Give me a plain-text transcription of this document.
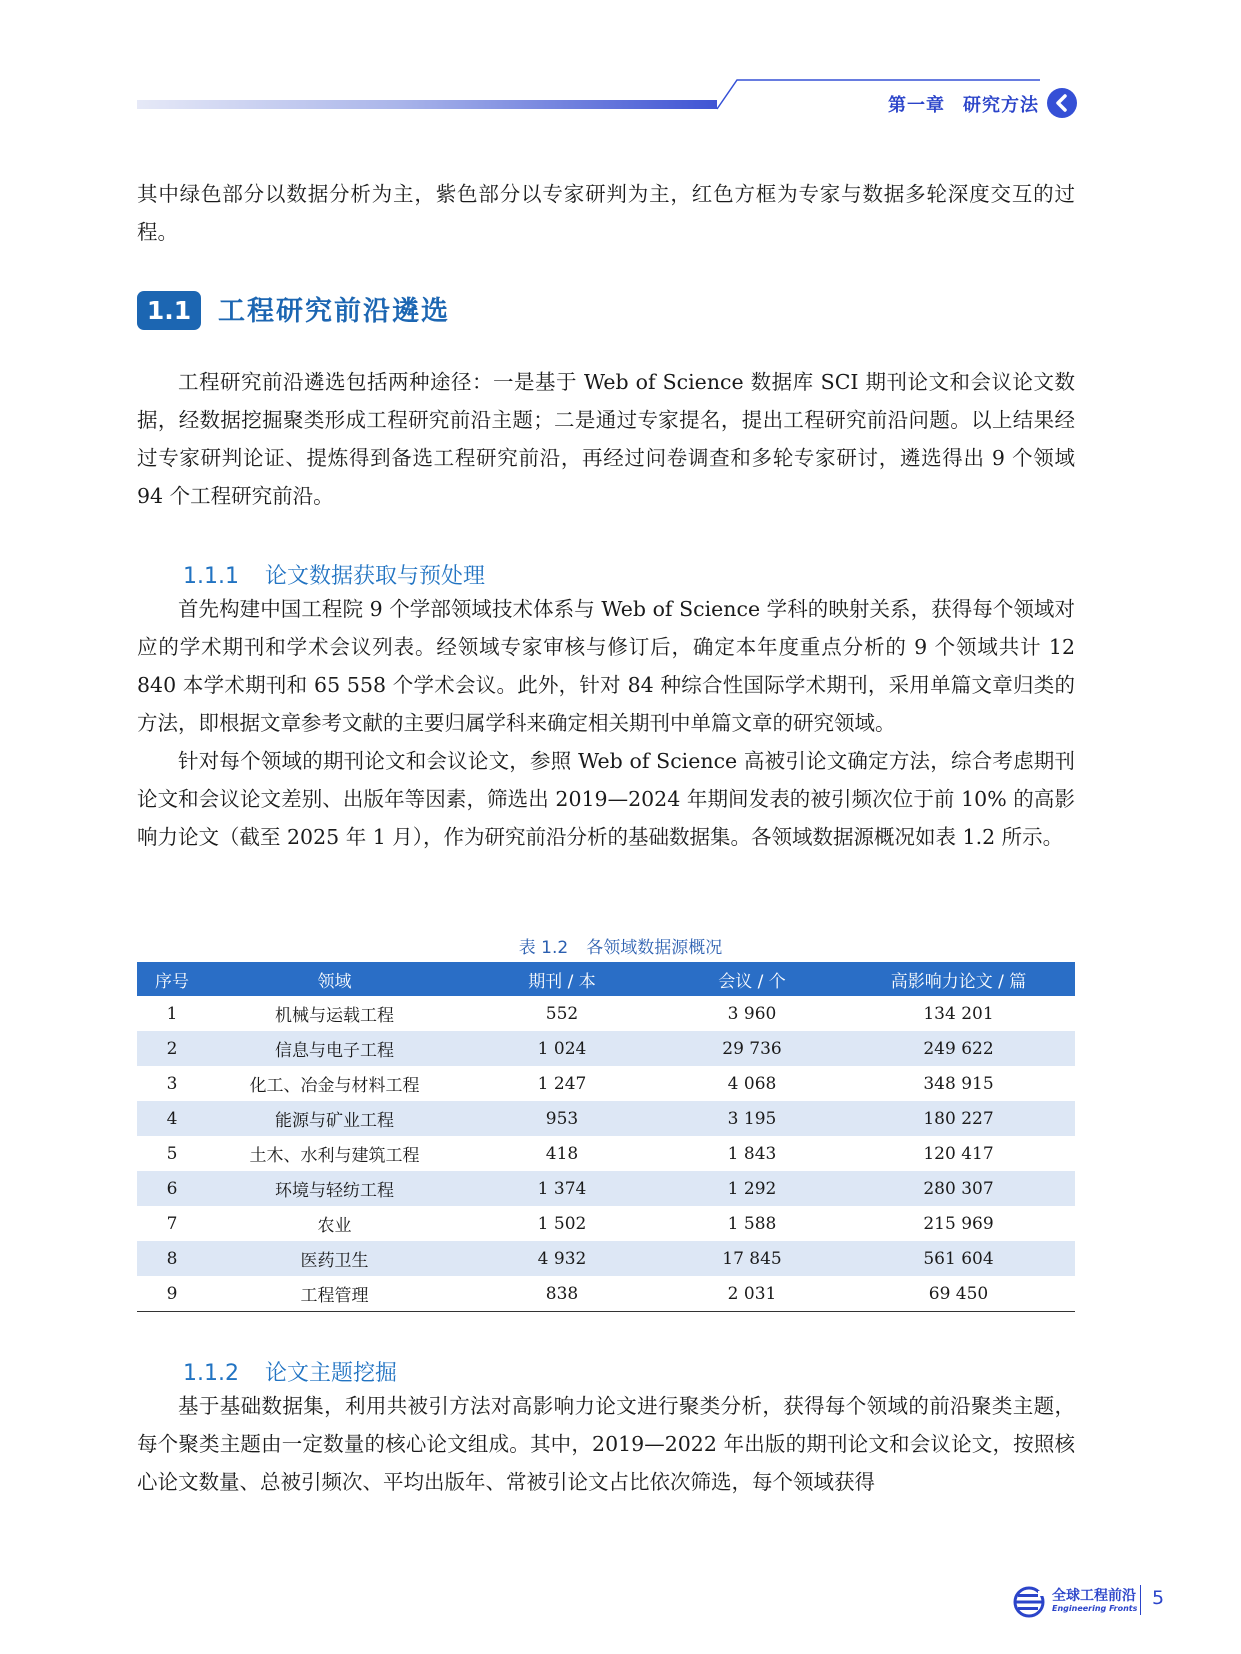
第一章 研究方法

其中绿色部分以数据分析为主，紫色部分以专家研判为主，红色方框为专家与数据多轮深度交互的过程。

1.1 工程研究前沿遴选

工程研究前沿遴选包括两种途径：一是基于 Web of Science 数据库 SCI 期刊论文和会议论文数据，经数据挖掘聚类形成工程研究前沿主题；二是通过专家提名，提出工程研究前沿问题。以上结果经过专家研判论证、提炼得到备选工程研究前沿，再经过问卷调查和多轮专家研讨，遴选得出 9 个领域 94 个工程研究前沿。

1.1.1 论文数据获取与预处理

首先构建中国工程院 9 个学部领域技术体系与 Web of Science 学科的映射关系，获得每个领域对应的学术期刊和学术会议列表。经领域专家审核与修订后，确定本年度重点分析的 9 个领域共计 12 840 本学术期刊和 65 558 个学术会议。此外，针对 84 种综合性国际学术期刊，采用单篇文章归类的方法，即根据文章参考文献的主要归属学科来确定相关期刊中单篇文章的研究领域。

针对每个领域的期刊论文和会议论文，参照 Web of Science 高被引论文确定方法，综合考虑期刊论文和会议论文差别、出版年等因素，筛选出 2019—2024 年期间发表的被引频次位于前 10% 的高影响力论文（截至 2025 年 1 月），作为研究前沿分析的基础数据集。各领域数据源概况如表 1.2 所示。

表 1.2 各领域数据源概况
序号	领域	期刊 / 本	会议 / 个	高影响力论文 / 篇
1	机械与运载工程	552	3 960	134 201
2	信息与电子工程	1 024	29 736	249 622
3	化工、冶金与材料工程	1 247	4 068	348 915
4	能源与矿业工程	953	3 195	180 227
5	土木、水利与建筑工程	418	1 843	120 417
6	环境与轻纺工程	1 374	1 292	280 307
7	农业	1 502	1 588	215 969
8	医药卫生	4 932	17 845	561 604
9	工程管理	838	2 031	69 450
1.1.2 论文主题挖掘

基于基础数据集，利用共被引方法对高影响力论文进行聚类分析，获得每个领域的前沿聚类主题，每个聚类主题由一定数量的核心论文组成。其中，2019—2022 年出版的期刊论文和会议论文，按照核心论文数量、总被引频次、平均出版年、常被引论文占比依次筛选，每个领域获得

全球工程前沿
Engineering Fronts 5
